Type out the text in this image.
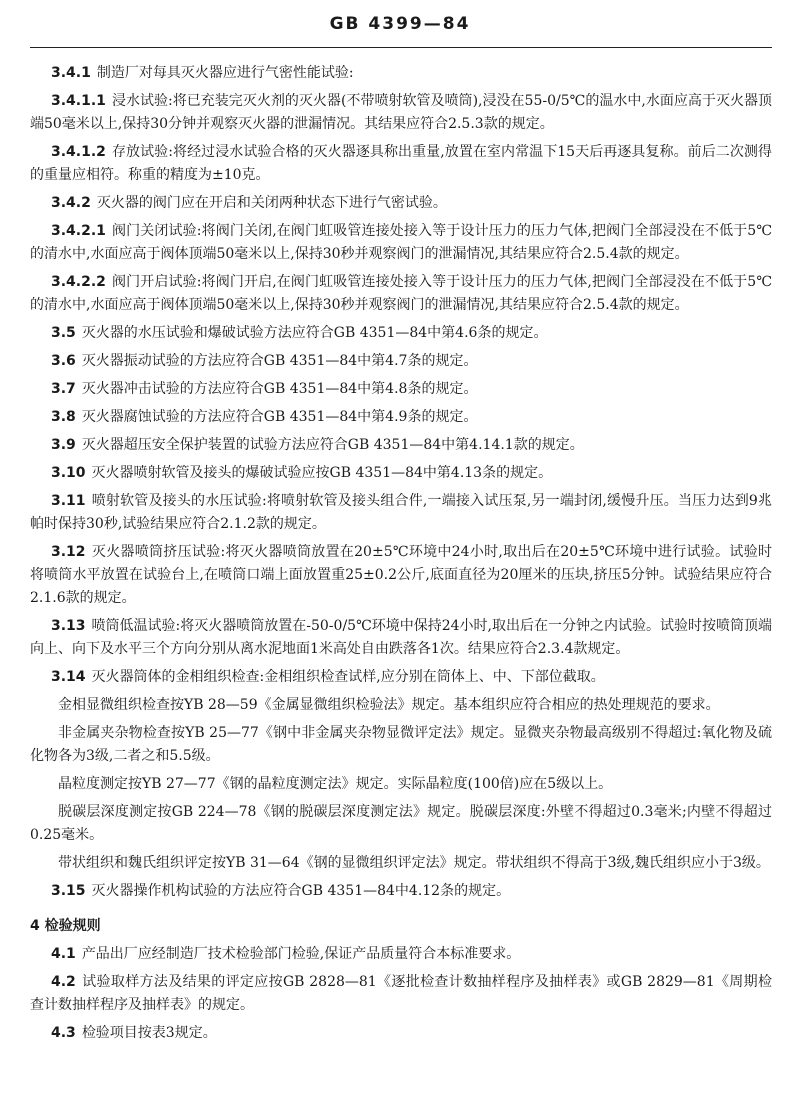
GB 4399—84

3.4.1 制造厂对每具灭火器应进行气密性能试验:

3.4.1.1 浸水试验:将已充装完灭火剂的灭火器(不带喷射软管及喷筒),浸没在55-0/5℃的温水中,水面应高于灭火器顶端50毫米以上,保持30分钟并观察灭火器的泄漏情况。其结果应符合2.5.3款的规定。

3.4.1.2 存放试验:将经过浸水试验合格的灭火器逐具称出重量,放置在室内常温下15天后再逐具复称。前后二次测得的重量应相符。称重的精度为±10克。

3.4.2 灭火器的阀门应在开启和关闭两种状态下进行气密试验。

3.4.2.1 阀门关闭试验:将阀门关闭,在阀门虹吸管连接处接入等于设计压力的压力气体,把阀门全部浸没在不低于5℃的清水中,水面应高于阀体顶端50毫米以上,保持30秒并观察阀门的泄漏情况,其结果应符合2.5.4款的规定。

3.4.2.2 阀门开启试验:将阀门开启,在阀门虹吸管连接处接入等于设计压力的压力气体,把阀门全部浸没在不低于5℃的清水中,水面应高于阀体顶端50毫米以上,保持30秒并观察阀门的泄漏情况,其结果应符合2.5.4款的规定。

3.5 灭火器的水压试验和爆破试验方法应符合GB 4351—84中第4.6条的规定。

3.6 灭火器振动试验的方法应符合GB 4351—84中第4.7条的规定。

3.7 灭火器冲击试验的方法应符合GB 4351—84中第4.8条的规定。

3.8 灭火器腐蚀试验的方法应符合GB 4351—84中第4.9条的规定。

3.9 灭火器超压安全保护装置的试验方法应符合GB 4351—84中第4.14.1款的规定。

3.10 灭火器喷射软管及接头的爆破试验应按GB 4351—84中第4.13条的规定。

3.11 喷射软管及接头的水压试验:将喷射软管及接头组合件,一端接入试压泵,另一端封闭,缓慢升压。当压力达到9兆帕时保持30秒,试验结果应符合2.1.2款的规定。

3.12 灭火器喷筒挤压试验:将灭火器喷筒放置在20±5℃环境中24小时,取出后在20±5℃环境中进行试验。试验时将喷筒水平放置在试验台上,在喷筒口端上面放置重25±0.2公斤,底面直径为20厘米的压块,挤压5分钟。试验结果应符合2.1.6款的规定。

3.13 喷筒低温试验:将灭火器喷筒放置在-50-0/5℃环境中保持24小时,取出后在一分钟之内试验。试验时按喷筒顶端向上、向下及水平三个方向分别从离水泥地面1米高处自由跌落各1次。结果应符合2.3.4款规定。

3.14 灭火器筒体的金相组织检查:金相组织检查试样,应分别在筒体上、中、下部位截取。

金相显微组织检查按YB 28—59《金属显微组织检验法》规定。基本组织应符合相应的热处理规范的要求。

非金属夹杂物检查按YB 25—77《钢中非金属夹杂物显微评定法》规定。显微夹杂物最高级别不得超过:氧化物及硫化物各为3级,二者之和5.5级。

晶粒度测定按YB 27—77《钢的晶粒度测定法》规定。实际晶粒度(100倍)应在5级以上。

脱碳层深度测定按GB 224—78《钢的脱碳层深度测定法》规定。脱碳层深度:外壁不得超过0.3毫米;内壁不得超过0.25毫米。

带状组织和魏氏组织评定按YB 31—64《钢的显微组织评定法》规定。带状组织不得高于3级,魏氏组织应小于3级。

3.15 灭火器操作机构试验的方法应符合GB 4351—84中4.12条的规定。

4 检验规则

4.1 产品出厂应经制造厂技术检验部门检验,保证产品质量符合本标准要求。

4.2 试验取样方法及结果的评定应按GB 2828—81《逐批检查计数抽样程序及抽样表》或GB 2829—81《周期检查计数抽样程序及抽样表》的规定。

4.3 检验项目按表3规定。
